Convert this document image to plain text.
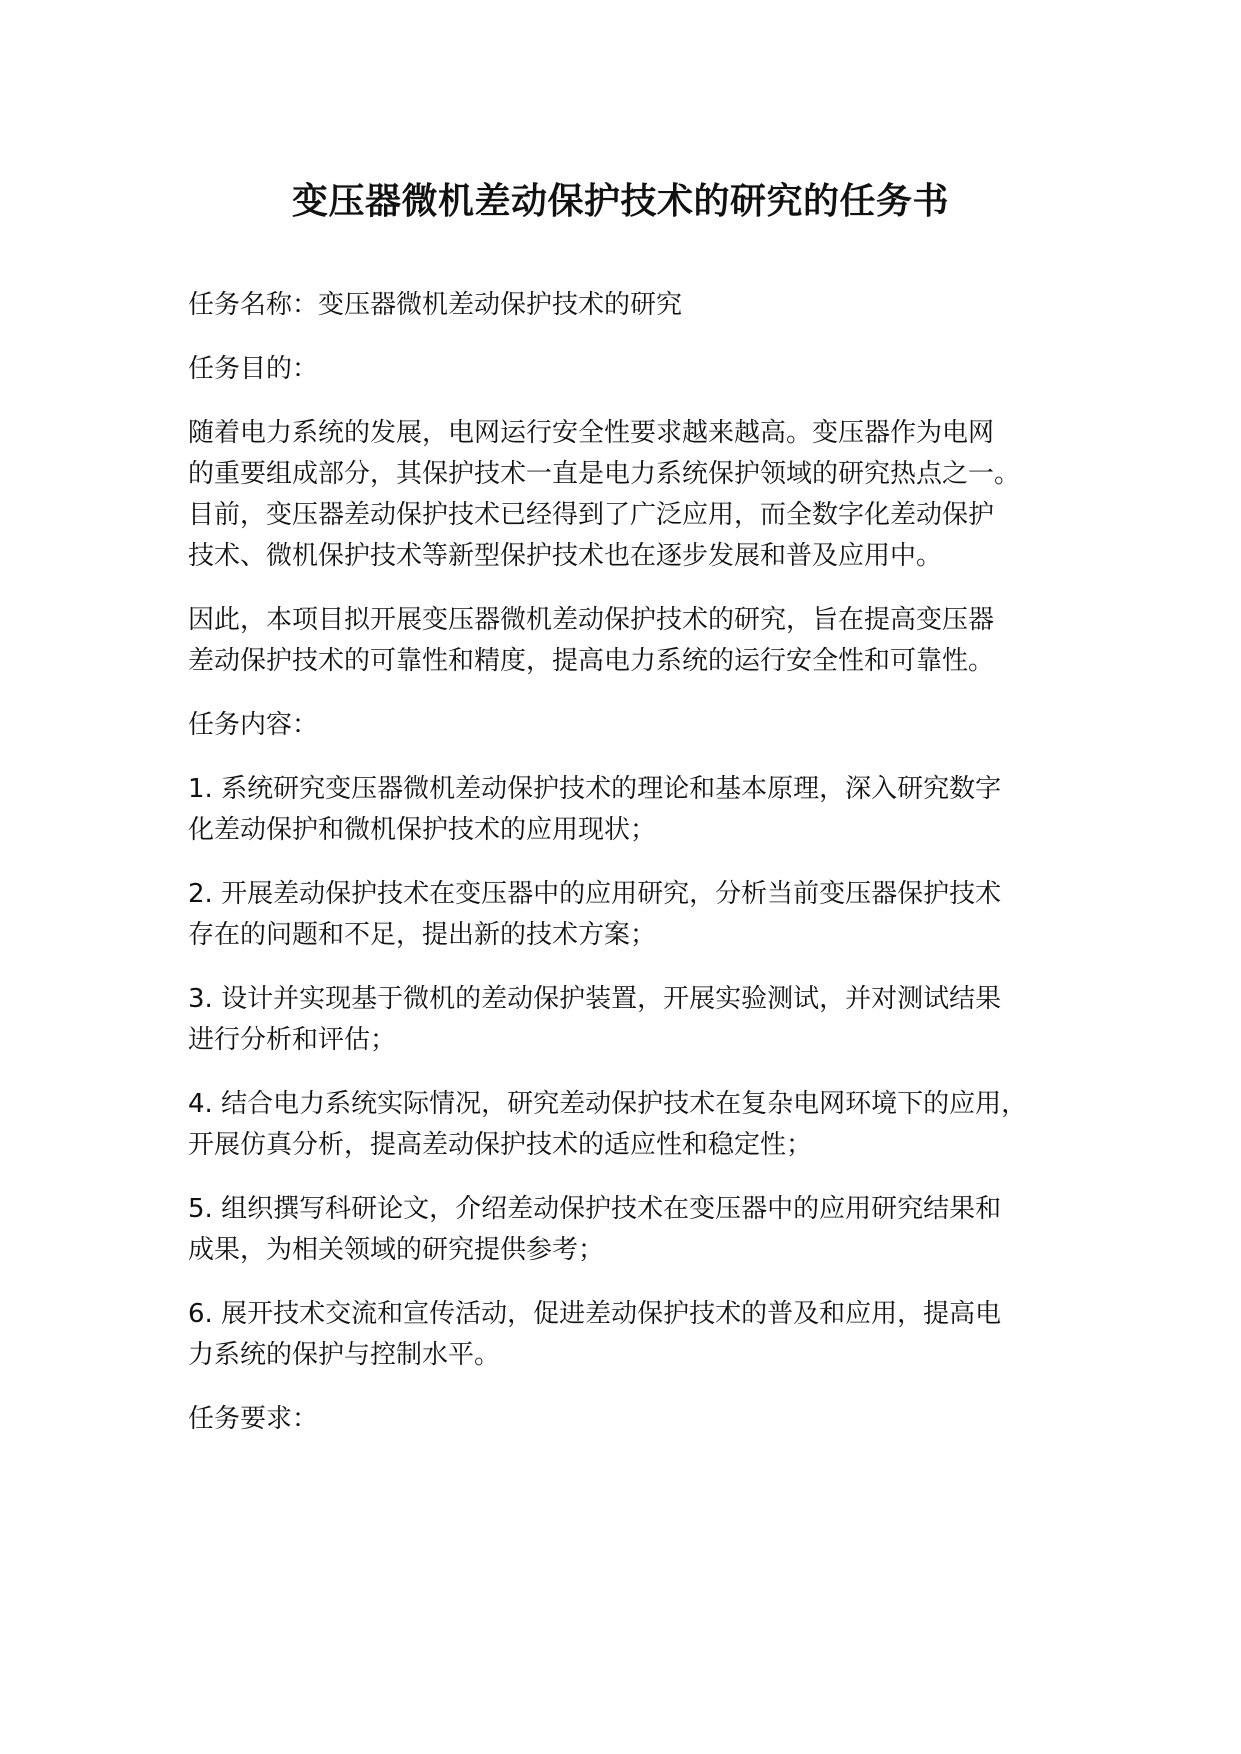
变压器微机差动保护技术的研究的任务书

任务名称：变压器微机差动保护技术的研究

任务目的：

随着电力系统的发展，电网运行安全性要求越来越高。变压器作为电网
的重要组成部分，其保护技术一直是电力系统保护领域的研究热点之一。
目前，变压器差动保护技术已经得到了广泛应用，而全数字化差动保护
技术、微机保护技术等新型保护技术也在逐步发展和普及应用中。

因此，本项目拟开展变压器微机差动保护技术的研究，旨在提高变压器
差动保护技术的可靠性和精度，提高电力系统的运行安全性和可靠性。

任务内容：

1. 系统研究变压器微机差动保护技术的理论和基本原理，深入研究数字
化差动保护和微机保护技术的应用现状；
2. 开展差动保护技术在变压器中的应用研究，分析当前变压器保护技术
存在的问题和不足，提出新的技术方案；
3. 设计并实现基于微机的差动保护装置，开展实验测试，并对测试结果
进行分析和评估；
4. 结合电力系统实际情况，研究差动保护技术在复杂电网环境下的应用，
开展仿真分析，提高差动保护技术的适应性和稳定性；
5. 组织撰写科研论文，介绍差动保护技术在变压器中的应用研究结果和
成果，为相关领域的研究提供参考；
6. 展开技术交流和宣传活动，促进差动保护技术的普及和应用，提高电
力系统的保护与控制水平。

任务要求：
